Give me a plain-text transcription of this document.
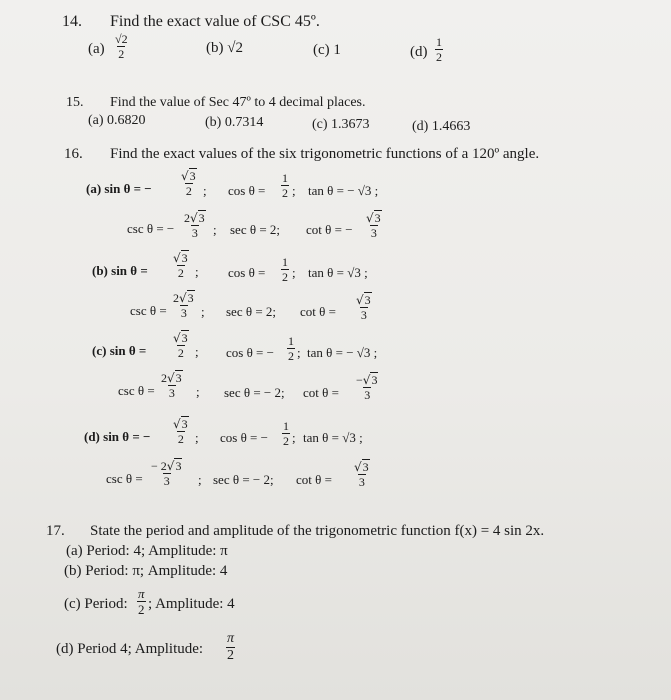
14. Find the exact value of CSC 45º.
$(a) \frac{√2}{2}$	(b) √2	(c) 1	$(d) \frac{1}{2}$
15. Find the value of Sec 47º to 4 decimal places.
(a) 0.6820	(b) 0.7314	(c) 1.3673	(d) 1.4663
16. Find the exact values of the six trigonometric functions of a 120º angle.
(a) sin θ = − $\frac{√3}{2}$ ; $\cos \theta = \frac{1}{2}$ ; tan θ = − √3 ;
csc θ = − $\frac{2√3}{3}$ ; sec θ = 2; cot θ = − $\frac{√3}{3}$
(b) $\sin \theta = \frac{√3}{2}$ ; $\cos \theta = \frac{1}{2}$ ; tan θ = √3 ;
$\csc \theta = \frac{2√3}{3}$ ; sec θ = 2; $\cot \theta = \frac{√3}{3}$
(c) $\sin \theta = \frac{√3}{2}$ ; cos θ = − $\frac{1}{2}$ ; tan θ = − √3 ;
$\csc \theta = \frac{2√3}{3}$ ; sec θ = − 2; $\cot \theta = \frac{-√3}{3}$
(d) sin θ = − $\frac{√3}{2}$ ; cos θ = − $\frac{1}{2}$ ; tan θ = √3 ;
$\csc \theta = \frac{- 2√3}{3}$ ; sec θ = − 2; $\cot \theta = \frac{√3}{3}$
17. State the period and amplitude of the trigonometric function f(x) = 4 sin 2x.
(a) Period: 4; Amplitude: π
(b) Period: π; Amplitude: 4
(c) Period: $\frac{\pi}{2}$ ; Amplitude: 4
(d) Period 4; Amplitude: $\frac{\pi}{2}$
